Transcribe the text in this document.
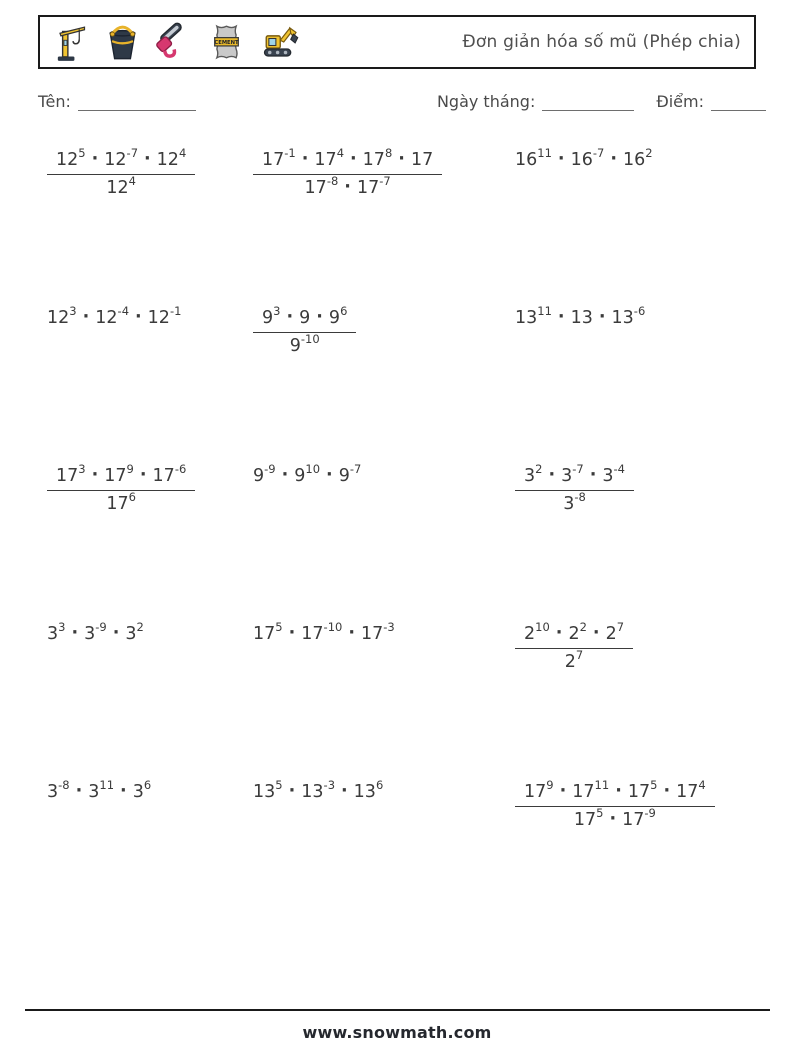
CEMENT	Đơn giản hóa số mũ (Phép chia)
Tên:	Ngày tháng:	Điểm:
$\frac{12^5 \cdot 12^{-7} \cdot 12^4}{12^4}$	$\frac{17^{-1} \cdot 17^4 \cdot 17^8 \cdot 17}{17^{-8} \cdot 17^{-7}}$	$16^{11} \cdot 16^{-7} \cdot 16^2$
$12^3 \cdot 12^{-4} \cdot 12^{-1}$	$\frac{9^3 \cdot 9 \cdot 9^6}{9^{-10}}$	$13^{11} \cdot 13 \cdot 13^{-6}$
$\frac{17^3 \cdot 17^9 \cdot 17^{-6}}{17^6}$	$9^{-9} \cdot 9^{10} \cdot 9^{-7}$	$\frac{3^2 \cdot 3^{-7} \cdot 3^{-4}}{3^{-8}}$
$3^3 \cdot 3^{-9} \cdot 3^2$	$17^5 \cdot 17^{-10} \cdot 17^{-3}$	$\frac{2^{10} \cdot 2^2 \cdot 2^7}{2^7}$
$3^{-8} \cdot 3^{11} \cdot 3^6$	$13^5 \cdot 13^{-3} \cdot 13^6$	$\frac{17^9 \cdot 17^{11} \cdot 17^5 \cdot 17^4}{17^5 \cdot 17^{-9}}$
www.snowmath.com
